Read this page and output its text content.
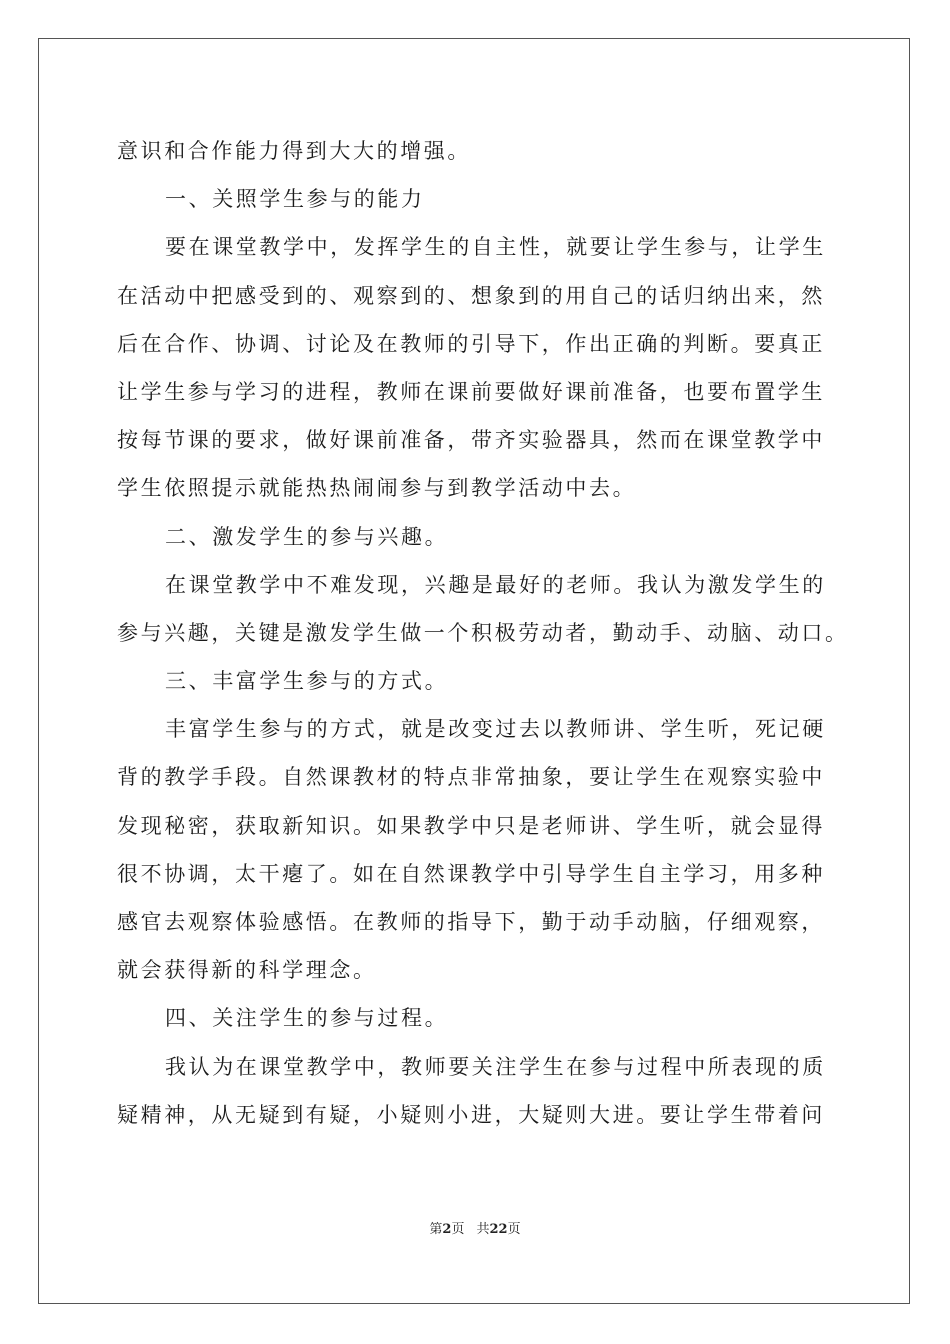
意识和合作能力得到大大的增强。
一、关照学生参与的能力
要在课堂教学中，发挥学生的自主性，就要让学生参与，让学生
在活动中把感受到的、观察到的、想象到的用自己的话归纳出来，然
后在合作、协调、讨论及在教师的引导下，作出正确的判断。要真正
让学生参与学习的进程，教师在课前要做好课前准备，也要布置学生
按每节课的要求，做好课前准备，带齐实验器具，然而在课堂教学中
学生依照提示就能热热闹闹参与到教学活动中去。
二、激发学生的参与兴趣。
在课堂教学中不难发现，兴趣是最好的老师。我认为激发学生的
参与兴趣，关键是激发学生做一个积极劳动者，勤动手、动脑、动口。
三、丰富学生参与的方式。
丰富学生参与的方式，就是改变过去以教师讲、学生听，死记硬
背的教学手段。自然课教材的特点非常抽象，要让学生在观察实验中
发现秘密，获取新知识。如果教学中只是老师讲、学生听，就会显得
很不协调，太干瘪了。如在自然课教学中引导学生自主学习，用多种
感官去观察体验感悟。在教师的指导下，勤于动手动脑，仔细观察，
就会获得新的科学理念。
四、关注学生的参与过程。
我认为在课堂教学中，教师要关注学生在参与过程中所表现的质
疑精神，从无疑到有疑，小疑则小进，大疑则大进。要让学生带着问
第2页 共22页
